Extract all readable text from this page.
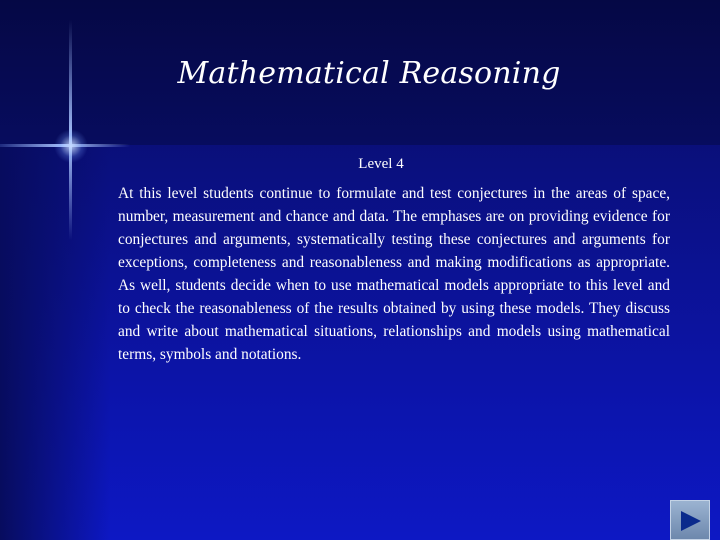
Mathematical Reasoning
Level 4
At this level students continue to formulate and test conjectures in the areas of space, number, measurement and chance and data. The emphases are on providing evidence for conjectures and arguments, systematically testing these conjectures and arguments for exceptions, completeness and reasonableness and making modifications as appropriate. As well, students decide when to use mathematical models appropriate to this level and to check the reasonableness of the results obtained by using these models. They discuss and write about mathematical situations, relationships and models using mathematical terms, symbols and notations.
